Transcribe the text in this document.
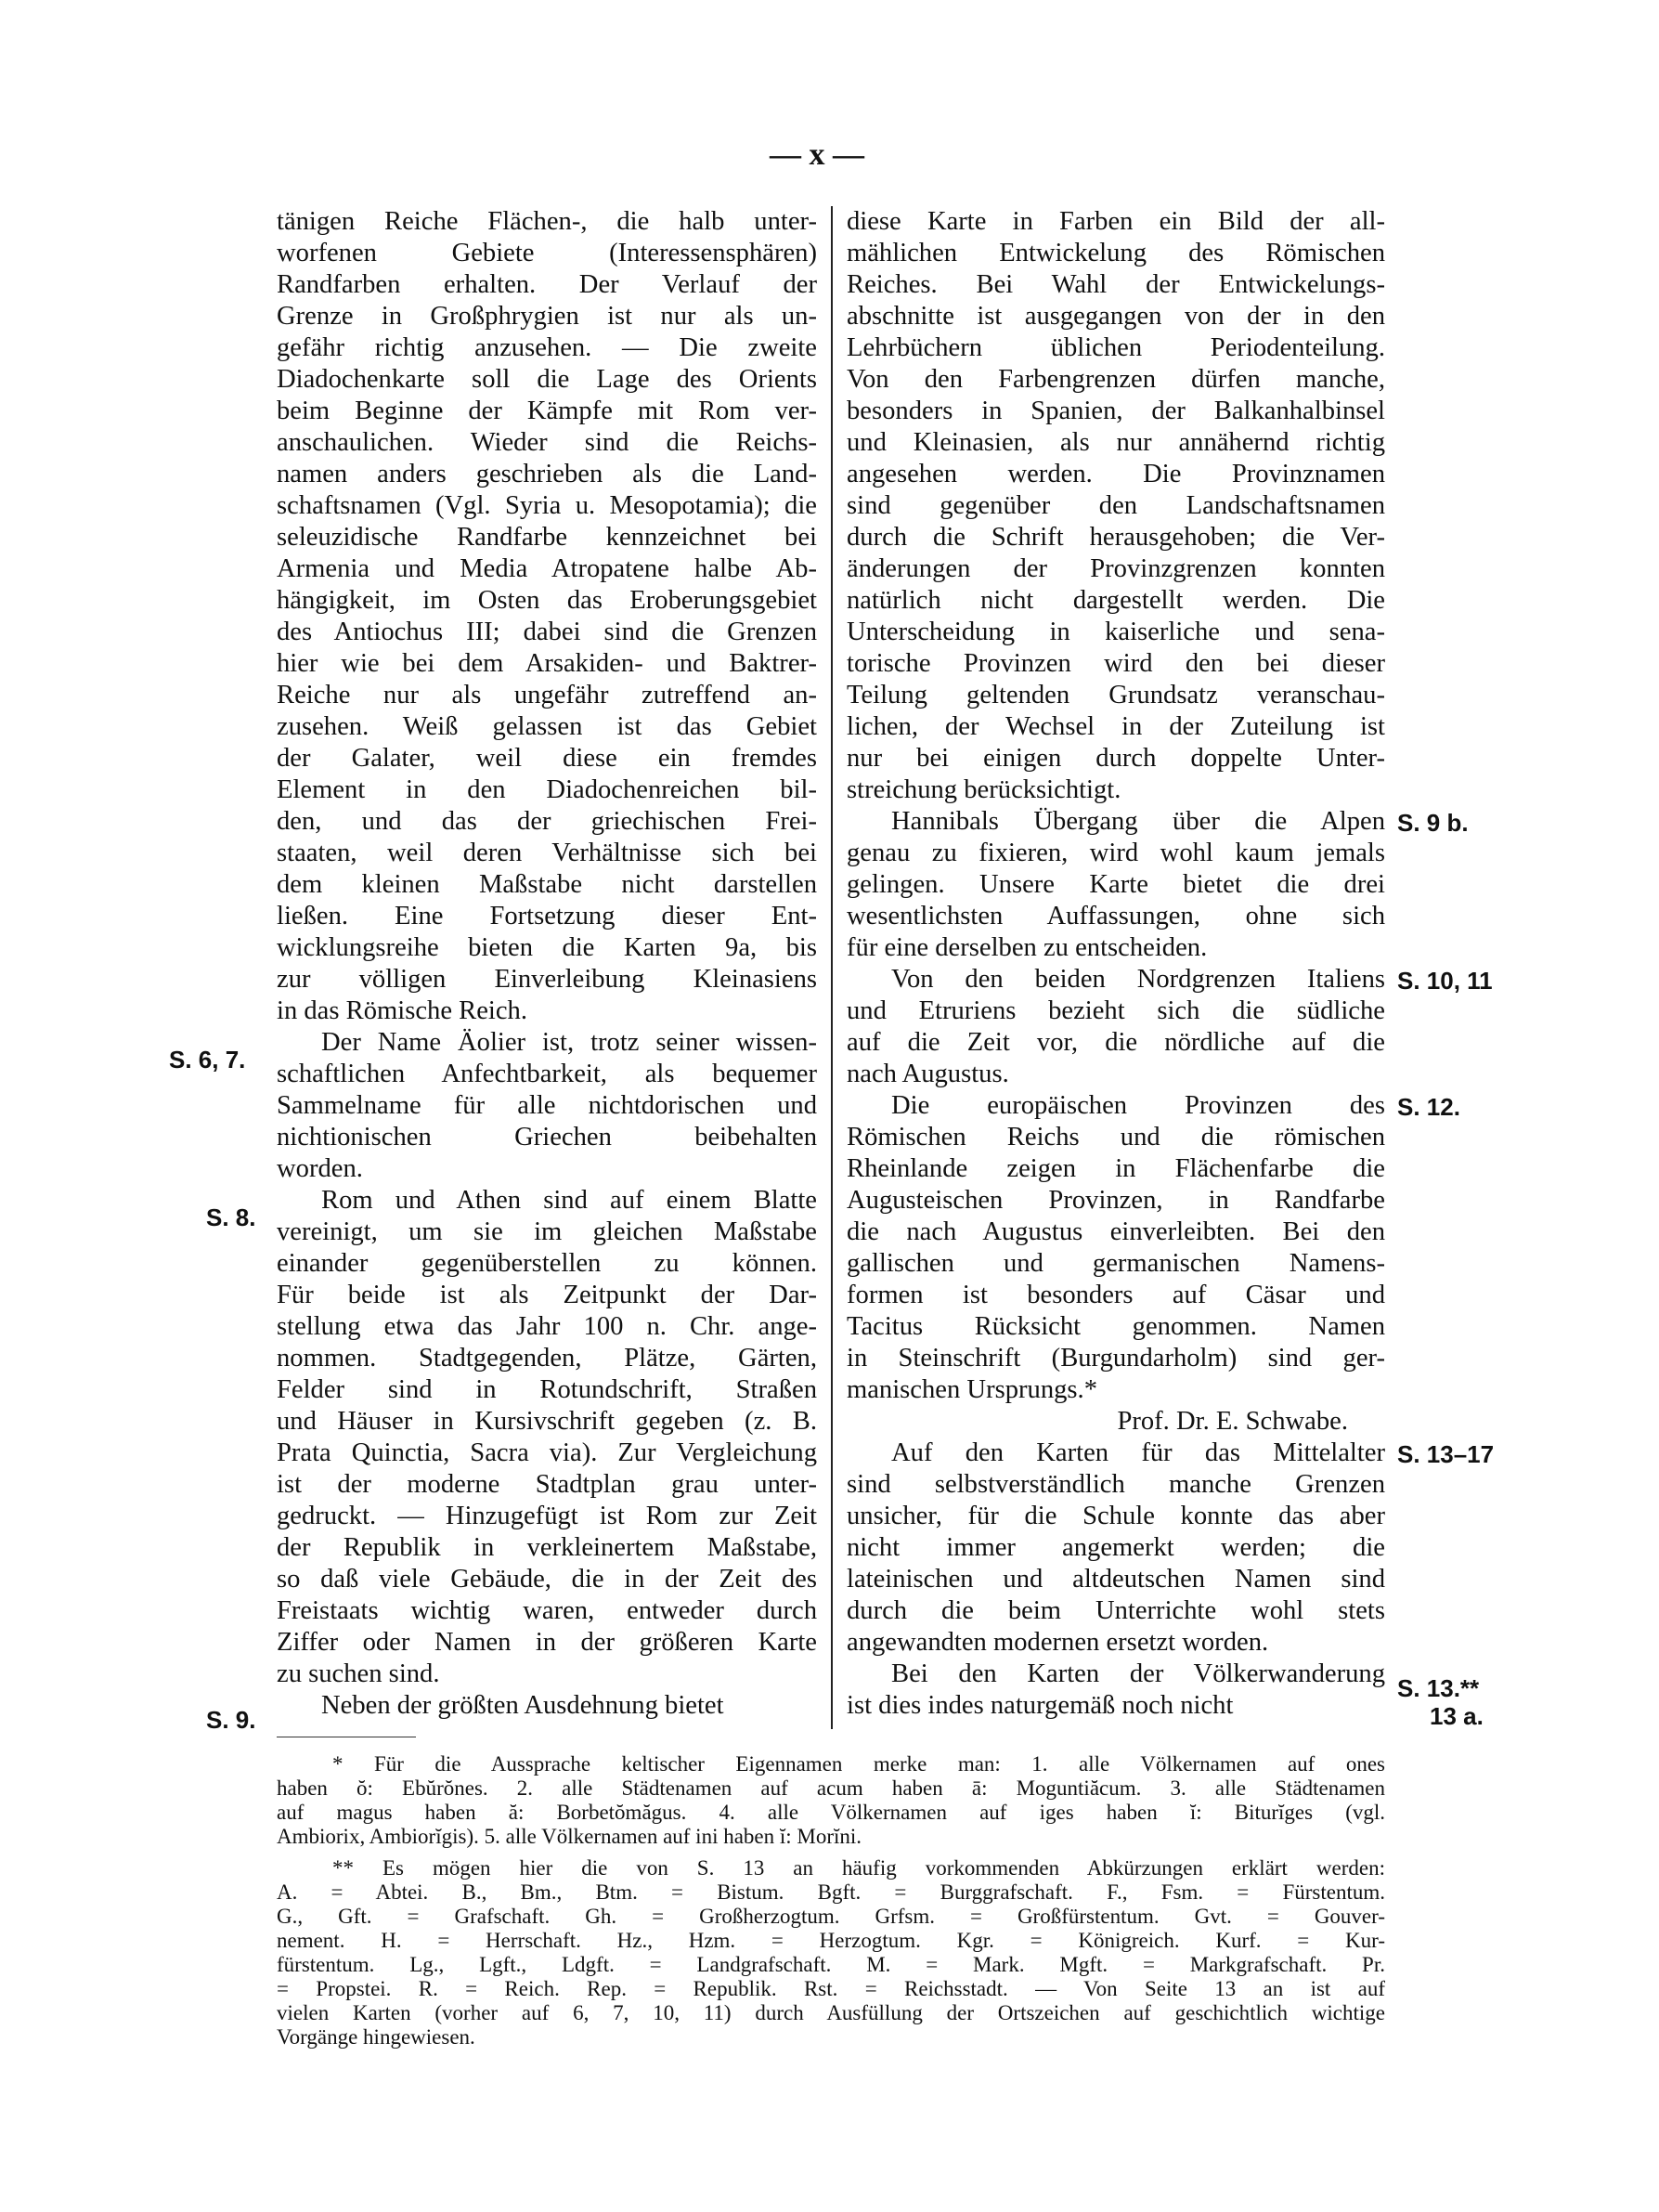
— x —
tänigen Reiche Flächen-, die halb unter-
worfenen Gebiete (Interessensphären)
Randfarben erhalten. Der Verlauf der
Grenze in Großphrygien ist nur als un-
gefähr richtig anzusehen. — Die zweite
Diadochenkarte soll die Lage des Orients
beim Beginne der Kämpfe mit Rom ver-
anschaulichen. Wieder sind die Reichs-
namen anders geschrieben als die Land-
schaftsnamen (Vgl. Syria u. Mesopotamia); die
seleuzidische Randfarbe kennzeichnet bei
Armenia und Media Atropatene halbe Ab-
hängigkeit, im Osten das Eroberungsgebiet
des Antiochus III; dabei sind die Grenzen
hier wie bei dem Arsakiden- und Baktrer-
Reiche nur als ungefähr zutreffend an-
zusehen. Weiß gelassen ist das Gebiet
der Galater, weil diese ein fremdes
Element in den Diadochenreichen bil-
den, und das der griechischen Frei-
staaten, weil deren Verhältnisse sich bei
dem kleinen Maßstabe nicht darstellen
ließen. Eine Fortsetzung dieser Ent-
wicklungsreihe bieten die Karten 9a, bis
zur völligen Einverleibung Kleinasiens
in das Römische Reich.
Der Name Äolier ist, trotz seiner wissen-
schaftlichen Anfechtbarkeit, als bequemer
Sammelname für alle nichtdorischen und
nichtionischen Griechen beibehalten
worden.
Rom und Athen sind auf einem Blatte
vereinigt, um sie im gleichen Maßstabe
einander gegenüberstellen zu können.
Für beide ist als Zeitpunkt der Dar-
stellung etwa das Jahr 100 n. Chr. ange-
nommen. Stadtgegenden, Plätze, Gärten,
Felder sind in Rotundschrift, Straßen
und Häuser in Kursivschrift gegeben (z. B.
Prata Quinctia, Sacra via). Zur Vergleichung
ist der moderne Stadtplan grau unter-
gedruckt. — Hinzugefügt ist Rom zur Zeit
der Republik in verkleinertem Maßstabe,
so daß viele Gebäude, die in der Zeit des
Freistaats wichtig waren, entweder durch
Ziffer oder Namen in der größeren Karte
zu suchen sind.
Neben der größten Ausdehnung bietet
diese Karte in Farben ein Bild der all-
mählichen Entwickelung des Römischen
Reiches. Bei Wahl der Entwickelungs-
abschnitte ist ausgegangen von der in den
Lehrbüchern üblichen Periodenteilung.
Von den Farbengrenzen dürfen manche,
besonders in Spanien, der Balkanhalbinsel
und Kleinasien, als nur annähernd richtig
angesehen werden. Die Provinznamen
sind gegenüber den Landschaftsnamen
durch die Schrift herausgehoben; die Ver-
änderungen der Provinzgrenzen konnten
natürlich nicht dargestellt werden. Die
Unterscheidung in kaiserliche und sena-
torische Provinzen wird den bei dieser
Teilung geltenden Grundsatz veranschau-
lichen, der Wechsel in der Zuteilung ist
nur bei einigen durch doppelte Unter-
streichung berücksichtigt.
Hannibals Übergang über die Alpen
genau zu fixieren, wird wohl kaum jemals
gelingen. Unsere Karte bietet die drei
wesentlichsten Auffassungen, ohne sich
für eine derselben zu entscheiden.
Von den beiden Nordgrenzen Italiens
und Etruriens bezieht sich die südliche
auf die Zeit vor, die nördliche auf die
nach Augustus.
Die europäischen Provinzen des
Römischen Reichs und die römischen
Rheinlande zeigen in Flächenfarbe die
Augusteischen Provinzen, in Randfarbe
die nach Augustus einverleibten. Bei den
gallischen und germanischen Namens-
formen ist besonders auf Cäsar und
Tacitus Rücksicht genommen. Namen
in Steinschrift (Burgundarholm) sind ger-
manischen Ursprungs.*
Prof. Dr. E. Schwabe.
Auf den Karten für das Mittelalter
sind selbstverständlich manche Grenzen
unsicher, für die Schule konnte das aber
nicht immer angemerkt werden; die
lateinischen und altdeutschen Namen sind
durch die beim Unterrichte wohl stets
angewandten modernen ersetzt worden.
Bei den Karten der Völkerwanderung
ist dies indes naturgemäß noch nicht
S. 6, 7.
S. 8.
S. 9.
S. 9 b.
S. 10, 11
S. 12.
S. 13–17
S. 13.**
13 a.
* Für die Aussprache keltischer Eigennamen merke man: 1. alle Völkernamen auf ones
haben ŏ: Ebŭrŏnes. 2. alle Städtenamen auf acum haben ā: Moguntiăcum. 3. alle Städtenamen
auf magus haben ă: Borbetŏmăgus. 4. alle Völkernamen auf iges haben ĭ: Biturĭges (vgl.
Ambiorix, Ambiorĭgis). 5. alle Völkernamen auf ini haben ĭ: Morĭni.
** Es mögen hier die von S. 13 an häufig vorkommenden Abkürzungen erklärt werden:
A. = Abtei. B., Bm., Btm. = Bistum. Bgft. = Burggrafschaft. F., Fsm. = Fürstentum.
G., Gft. = Grafschaft. Gh. = Großherzogtum. Grfsm. = Großfürstentum. Gvt. = Gouver-
nement. H. = Herrschaft. Hz., Hzm. = Herzogtum. Kgr. = Königreich. Kurf. = Kur-
fürstentum. Lg., Lgft., Ldgft. = Landgrafschaft. M. = Mark. Mgft. = Markgrafschaft. Pr.
= Propstei. R. = Reich. Rep. = Republik. Rst. = Reichsstadt. — Von Seite 13 an ist auf
vielen Karten (vorher auf 6, 7, 10, 11) durch Ausfüllung der Ortszeichen auf geschichtlich wichtige
Vorgänge hingewiesen.
